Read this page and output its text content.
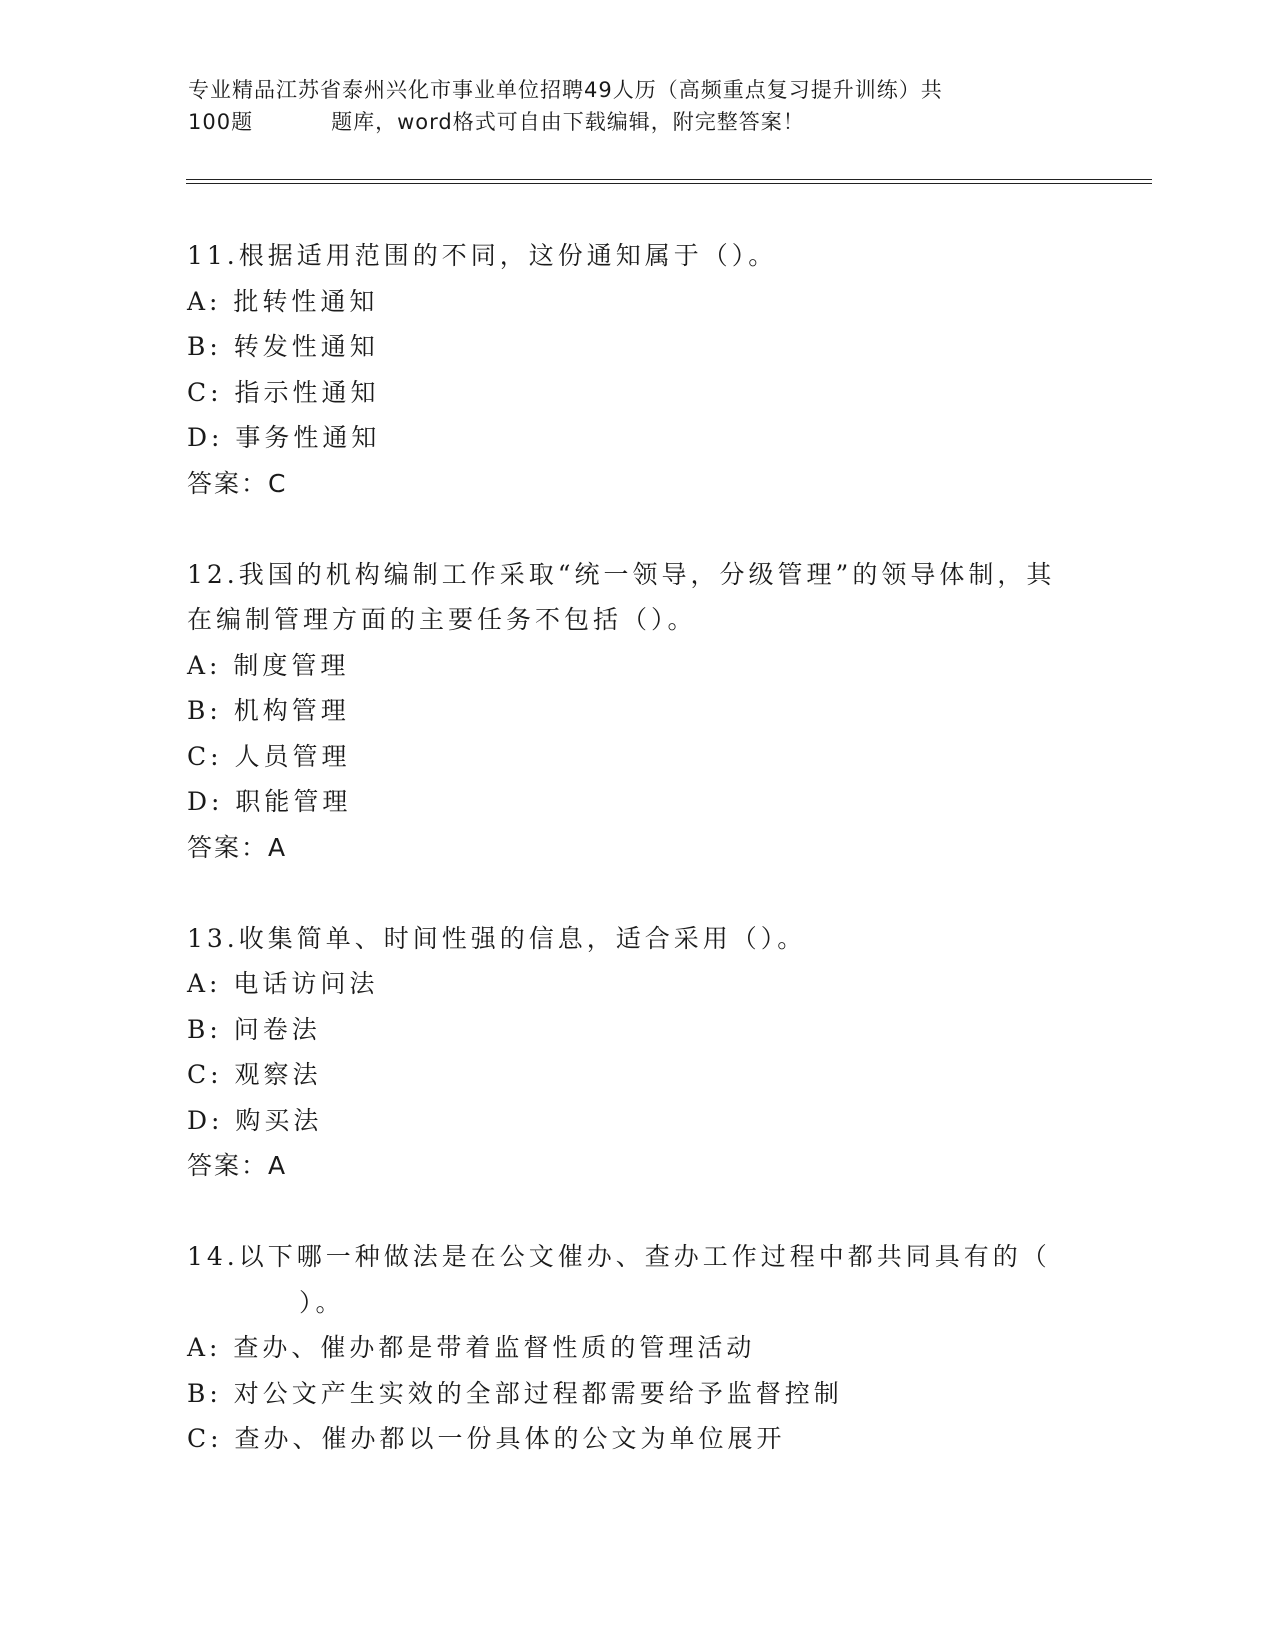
专业精品江苏省泰州兴化市事业单位招聘49人历（高频重点复习提升训练）共
100题	题库，word格式可自由下载编辑，附完整答案！
11.根据适用范围的不同，这份通知属于（）。
A: 批转性通知
B: 转发性通知
C: 指示性通知
D: 事务性通知
答案：C
12.我国的机构编制工作采取“统一领导，分级管理”的领导体制，其
在编制管理方面的主要任务不包括（）。
A: 制度管理
B: 机构管理
C: 人员管理
D: 职能管理
答案：A
13.收集简单、时间性强的信息，适合采用（）。
A: 电话访问法
B: 问卷法
C: 观察法
D: 购买法
答案：A
14.以下哪一种做法是在公文催办、查办工作过程中都共同具有的（
）。
A: 查办、催办都是带着监督性质的管理活动
B: 对公文产生实效的全部过程都需要给予监督控制
C: 查办、催办都以一份具体的公文为单位展开
